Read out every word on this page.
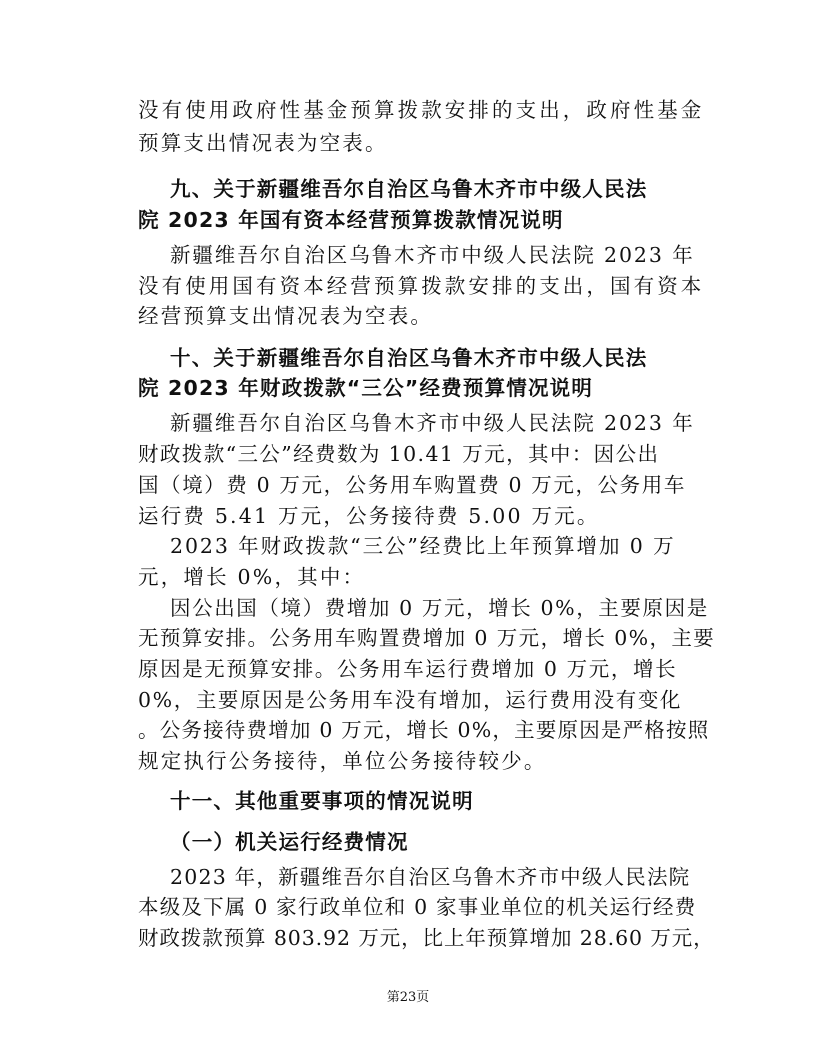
没有使用政府性基金预算拨款安排的支出，政府性基金
预算支出情况表为空表。
九、关于新疆维吾尔自治区乌鲁木齐市中级人民法
院 2023 年国有资本经营预算拨款情况说明
新疆维吾尔自治区乌鲁木齐市中级人民法院 2023 年
没有使用国有资本经营预算拨款安排的支出，国有资本
经营预算支出情况表为空表。
十、关于新疆维吾尔自治区乌鲁木齐市中级人民法
院 2023 年财政拨款“三公”经费预算情况说明
新疆维吾尔自治区乌鲁木齐市中级人民法院 2023 年
财政拨款“三公”经费数为 10.41 万元，其中：因公出
国（境）费 0 万元，公务用车购置费 0 万元，公务用车
运行费 5.41 万元，公务接待费 5.00 万元。
2023 年财政拨款“三公”经费比上年预算增加 0 万
元，增长 0%，其中：
因公出国（境）费增加 0 万元，增长 0%，主要原因是
无预算安排。公务用车购置费增加 0 万元，增长 0%，主要
原因是无预算安排。公务用车运行费增加 0 万元，增长
0%，主要原因是公务用车没有增加，运行费用没有变化
。公务接待费增加 0 万元，增长 0%，主要原因是严格按照
规定执行公务接待，单位公务接待较少。
十一、其他重要事项的情况说明
（一）机关运行经费情况
2023 年，新疆维吾尔自治区乌鲁木齐市中级人民法院
本级及下属 0 家行政单位和 0 家事业单位的机关运行经费
财政拨款预算 803.92 万元，比上年预算增加 28.60 万元，
第23页
